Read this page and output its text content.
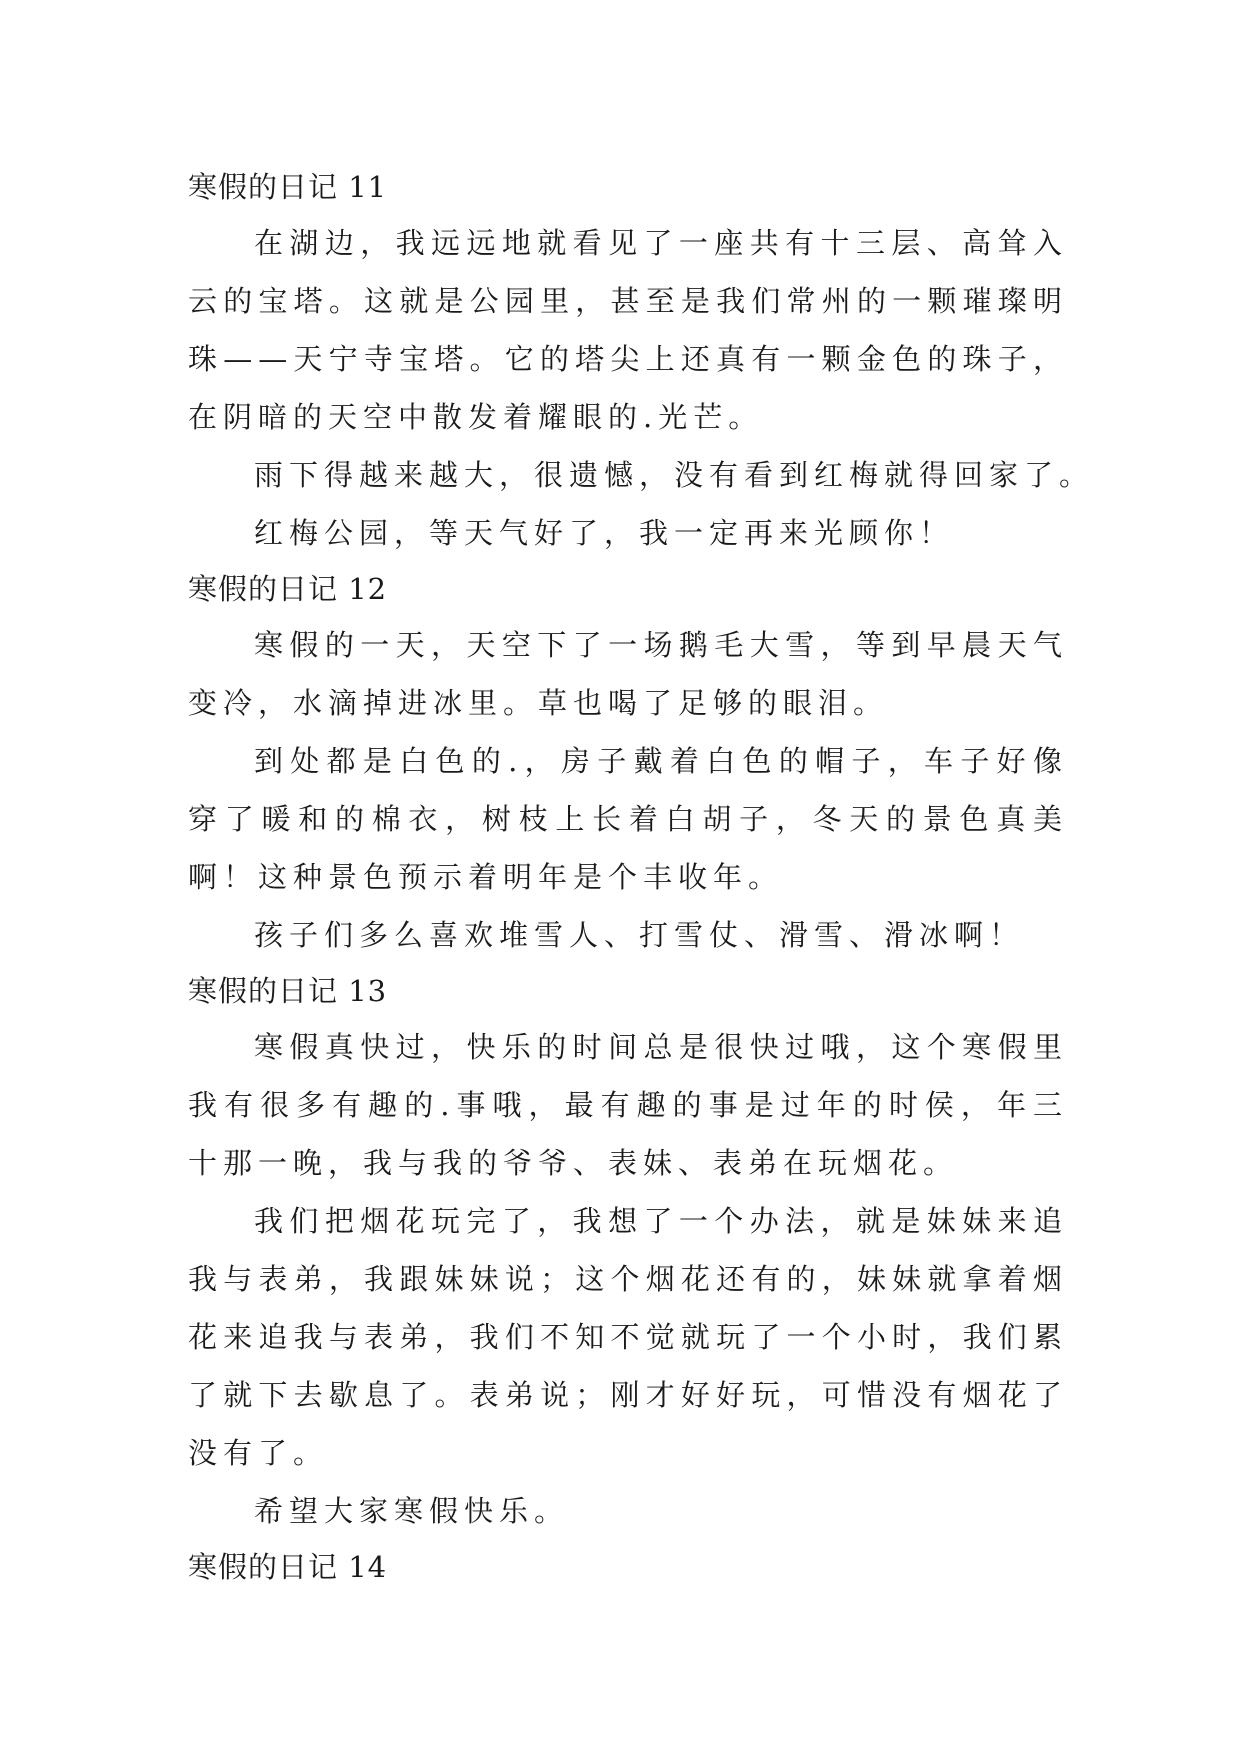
寒假的日记 11

在湖边，我远远地就看见了一座共有十三层、高耸入云的宝塔。这就是公园里，甚至是我们常州的一颗璀璨明珠——天宁寺宝塔。它的塔尖上还真有一颗金色的珠子，在阴暗的天空中散发着耀眼的.光芒。

雨下得越来越大，很遗憾，没有看到红梅就得回家了。

红梅公园，等天气好了，我一定再来光顾你！

寒假的日记 12

寒假的一天，天空下了一场鹅毛大雪，等到早晨天气变冷，水滴掉进冰里。草也喝了足够的眼泪。

到处都是白色的.，房子戴着白色的帽子，车子好像穿了暖和的棉衣，树枝上长着白胡子，冬天的景色真美啊！这种景色预示着明年是个丰收年。

孩子们多么喜欢堆雪人、打雪仗、滑雪、滑冰啊！

寒假的日记 13

寒假真快过，快乐的时间总是很快过哦，这个寒假里我有很多有趣的.事哦，最有趣的事是过年的时侯，年三十那一晚，我与我的爷爷、表妹、表弟在玩烟花。

我们把烟花玩完了，我想了一个办法，就是妹妹来追我与表弟，我跟妹妹说；这个烟花还有的，妹妹就拿着烟花来追我与表弟，我们不知不觉就玩了一个小时，我们累了就下去歇息了。表弟说；刚才好好玩，可惜没有烟花了没有了。

希望大家寒假快乐。

寒假的日记 14
